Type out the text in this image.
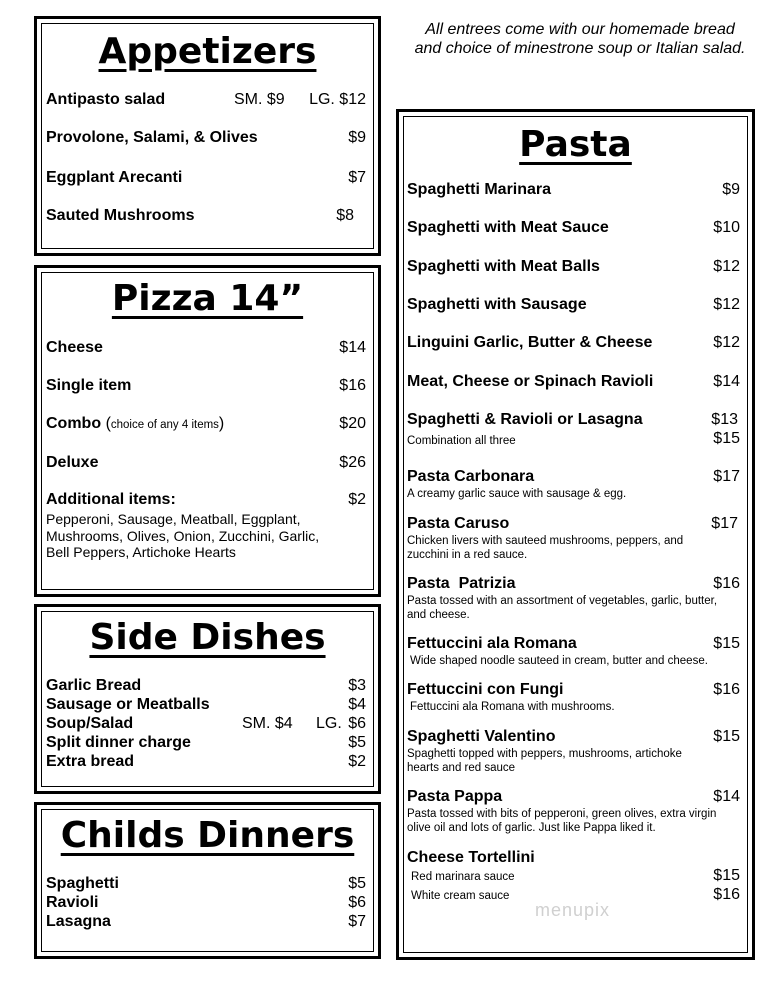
All entrees come with our homemade bread and choice of minestrone soup or Italian salad.
Appetizers
Antipasto salad	SM. $9 LG. $12
Provolone, Salami, & Olives	$9
Eggplant Arecanti	$7
Sauted Mushrooms	$8
Pizza 14”
Cheese	$14
Single item	$16
Combo (choice of any 4 items)	$20
Deluxe	$26
Additional items:	$2
Pepperoni, Sausage, Meatball, Eggplant, Mushrooms, Olives, Onion, Zucchini, Garlic, Bell Peppers, Artichoke Hearts
Side Dishes
Garlic Bread	$3
Sausage or Meatballs	$4
Soup/Salad	SM. $4 LG. $6
Split dinner charge	$5
Extra bread	$2
Childs Dinners
Spaghetti	$5
Ravioli	$6
Lasagna	$7
Pasta
Spaghetti Marinara	$9
Spaghetti with Meat Sauce	$10
Spaghetti with Meat Balls	$12
Spaghetti with Sausage	$12
Linguini Garlic, Butter & Cheese	$12
Meat, Cheese or Spinach Ravioli	$14
Spaghetti & Ravioli or Lasagna	$13
Combination all three	$15
Pasta Carbonara	$17
A creamy garlic sauce with sausage & egg.
Pasta Caruso	$17
Chicken livers with sauteed mushrooms, peppers, and zucchini in a red sauce.
Pasta  Patrizia	$16
Pasta tossed with an assortment of vegetables, garlic, butter, and cheese.
Fettuccini ala Romana	$15
Wide shaped noodle sauteed in cream, butter and cheese.
Fettuccini con Fungi	$16
Fettuccini ala Romana with mushrooms.
Spaghetti Valentino	$15
Spaghetti topped with peppers, mushrooms, artichoke hearts and red sauce
Pasta Pappa	$14
Pasta tossed with bits of pepperoni, green olives, extra virgin olive oil and lots of garlic. Just like Pappa liked it.
Cheese Tortellini
Red marinara sauce	$15
White cream sauce	$16
menupix
